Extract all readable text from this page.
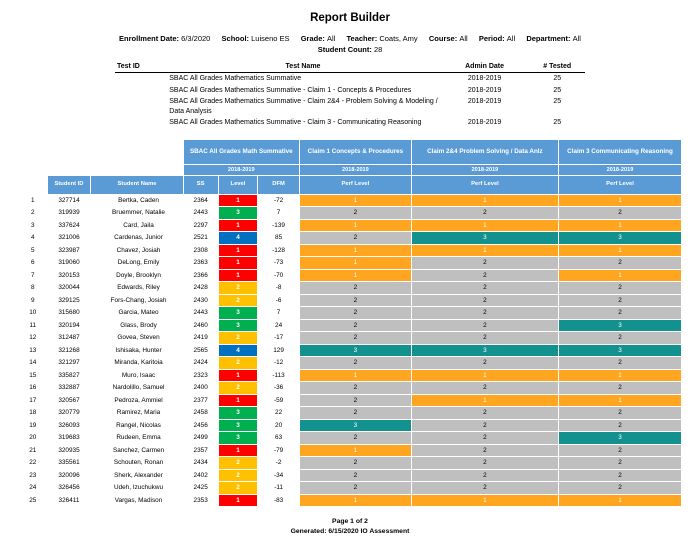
Report Builder
Enrollment Date: 6/3/2020 School: Luiseno ES Grade: All Teacher: Coats, Amy Course: All Period: All Department: All
Student Count: 28
Test ID	Test Name	Admin Date	# Tested
	SBAC All Grades Mathematics Summative	2018-2019	25
	SBAC All Grades Mathematics Summative - Claim 1 - Concepts & Procedures	2018-2019	25
	SBAC All Grades Mathematics Summative - Claim 2&4 - Problem Solving & Modeling / Data Analysis	2018-2019	25
	SBAC All Grades Mathematics Summative - Claim 3 - Communicating Reasoning	2018-2019	25
			SBAC All Grades Math Summative			Claim 1 Concepts & Procedures	Claim 2&4 Problem Solving / Data Anlz	Claim 3 Communicating Reasoning
			2018-2019			2018-2019	2018-2019	2018-2019
	Student ID	Student Name	SS	Level	DFM	Perf Level	Perf Level	Perf Level
1	327714	Bertka, Caden	2364	1	-72	1	1	1
2	319939	Bruemmer, Natalie	2443	3	7	2	2	2
3	337624	Card, Jaila	2297	1	-139	1	1	1
4	321006	Cardenas, Junior	2521	4	85	2	3	3
5	323987	Chavez, Josiah	2308	1	-128	1	1	1
6	319060	DeLong, Emily	2363	1	-73	1	2	2
7	320153	Doyle, Brooklyn	2366	1	-70	1	2	1
8	320044	Edwards, Riley	2428	2	-8	2	2	2
9	329125	Fors-Chang, Josiah	2430	2	-6	2	2	2
10	315680	Garcia, Mateo	2443	3	7	2	2	2
11	320194	Glass, Brody	2460	3	24	2	2	3
12	312487	Govea, Steven	2419	2	-17	2	2	2
13	321268	Ishisaka, Hunter	2565	4	129	3	3	3
14	321297	Miranda, Karitoia	2424	2	-12	2	2	2
15	335827	Muro, Isaac	2323	1	-113	1	1	1
16	332887	Nardolillo, Samuel	2400	2	-36	2	2	2
17	320567	Pedroza, Ammiel	2377	1	-59	2	1	1
18	320779	Ramirez, Maria	2458	3	22	2	2	2
19	326093	Rangel, Nicolas	2456	3	20	3	2	2
20	319683	Rudeen, Emma	2499	3	63	2	2	3
21	320935	Sanchez, Carmen	2357	1	-79	1	2	2
22	335561	Schouten, Ronan	2434	2	-2	2	2	2
23	320096	Sherk, Alexander	2402	2	-34	2	2	2
24	326456	Udeh, Izuchukwu	2425	2	-11	2	2	2
25	326411	Vargas, Madison	2353	1	-83	1	1	1
Page 1 of 2
Generated: 6/15/2020 IO Assessment
